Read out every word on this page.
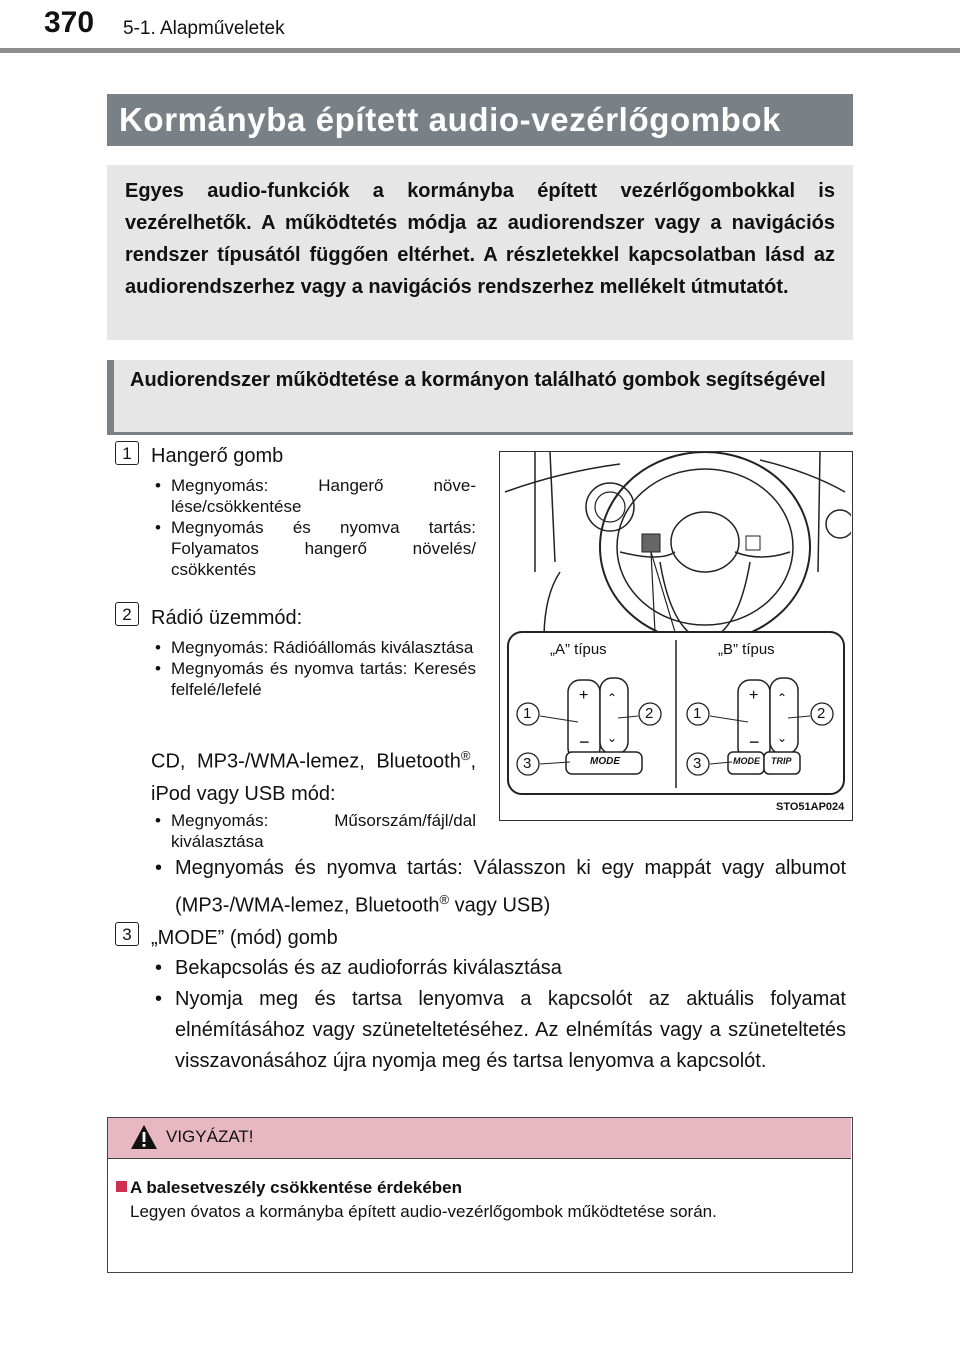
370 5-1. Alapműveletek
Kormányba épített audio-vezérlőgombok
Egyes audio-funkciók a kormányba épített vezérlőgombokkal is vezérelhetők. A működtetés módja az audiorendszer vagy a navigációs rendszer típusától függően eltérhet. A részletekkel kapcsolatban lásd az audiorendszerhez vagy a navigációs rendszerhez mellékelt útmutatót.
Audiorendszer működtetése a kormányon található gombok segítségével
1 Hangerő gomb
• Megnyomás: Hangerő növelése/csökkentése
• Megnyomás és nyomva tartás: Folyamatos hangerő növelés/ csökkentés
2 Rádió üzemmód:
• Megnyomás: Rádióállomás kiválasztása
• Megnyomás és nyomva tartás: Keresés felfelé/lefelé
CD, MP3-/WMA-lemez, Bluetooth®, iPod vagy USB mód:
• Megnyomás: Műsorszám/fájl/dal kiválasztása
• Megnyomás és nyomva tartás: Válasszon ki egy mappát vagy albumot (MP3-/WMA-lemez, Bluetooth® vagy USB)
3 „MODE” (mód) gomb
• Bekapcsolás és az audioforrás kiválasztása
• Nyomja meg és tartsa lenyomva a kapcsolót az aktuális folyamat elnémításához vagy szüneteltetéséhez. Az elnémítás vagy a szüneteltetés visszavonásához újra nyomja meg és tartsa lenyomva a kapcsolót.
+
−
⌃
⌄
+
−
⌃
⌄
„A” típus	„B” típus
1	2
3
1	2
3
MODE	MODE TRIP
STO51AP024
VIGYÁZAT!
A balesetveszély csökkentése érdekében
Legyen óvatos a kormányba épített audio-vezérlőgombok működtetése során.
